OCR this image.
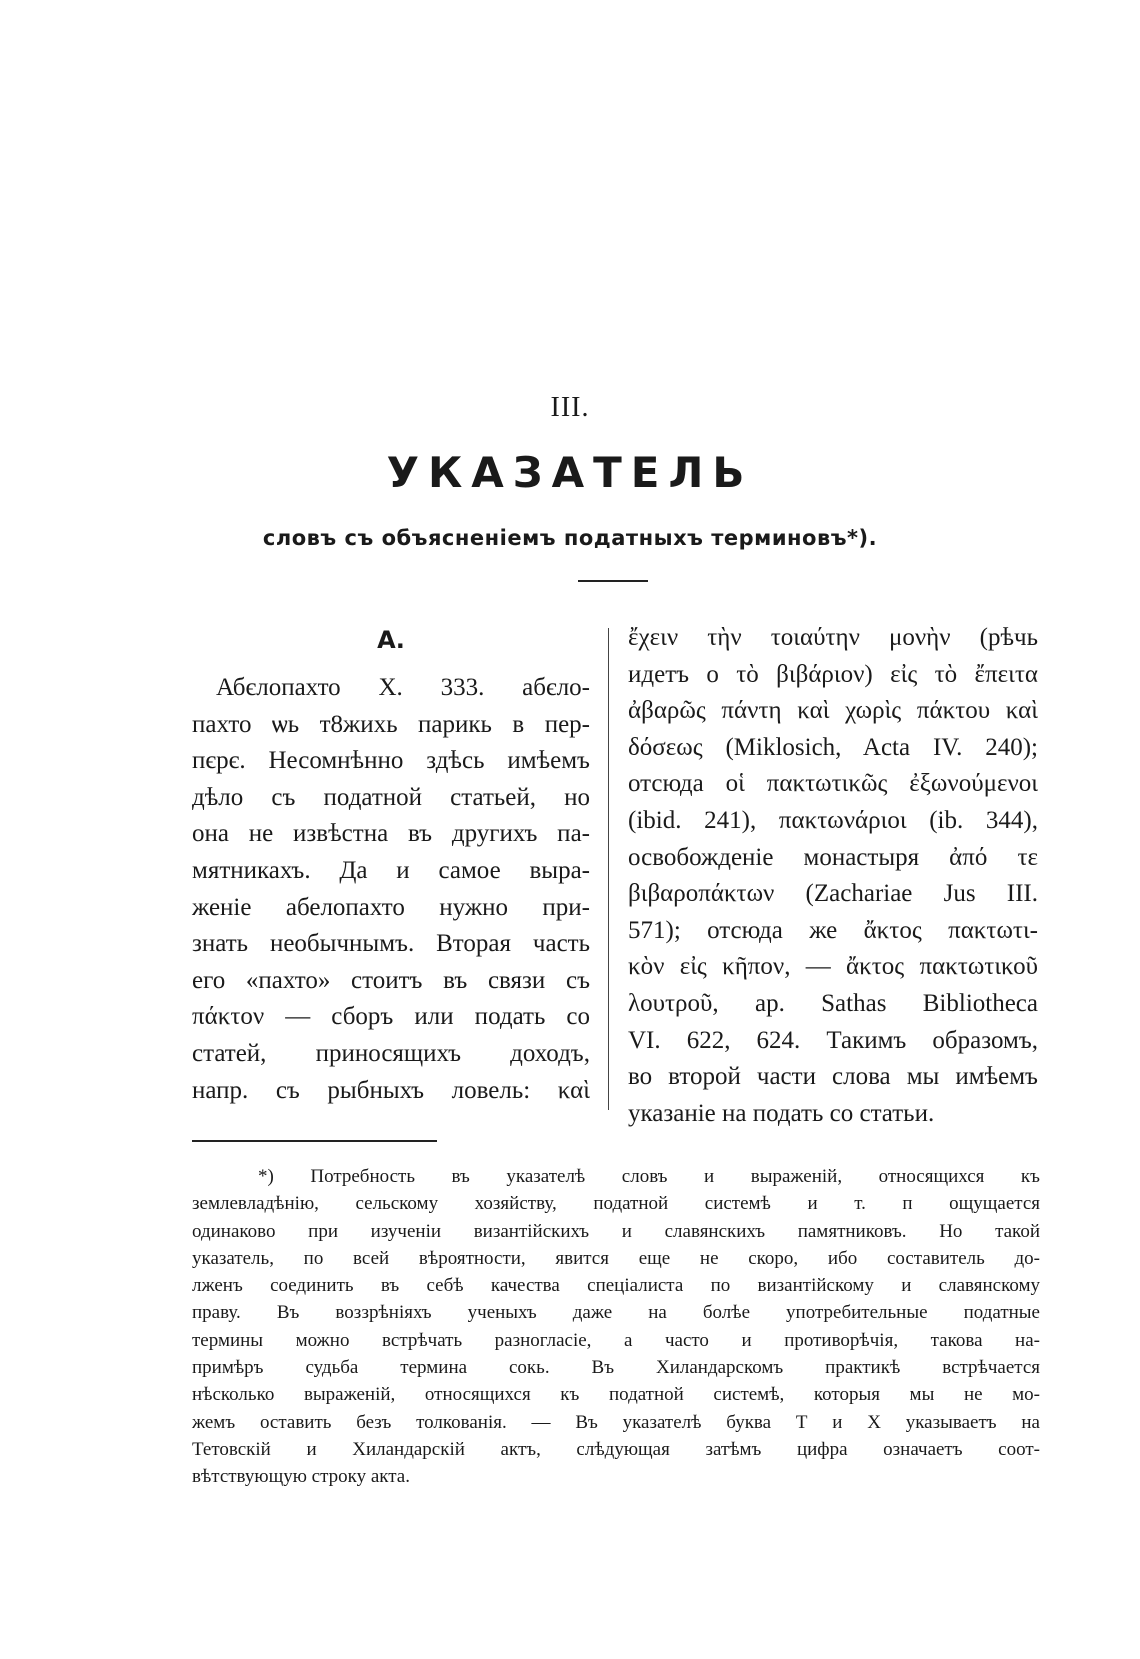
III.
УКАЗАТЕЛЬ
словъ съ объясненіемъ податныхъ терминовъ*).
А.
Абєлопахто Х. 333. абєло-
пахто ѡь т8жихь парикь в пер-
пєрє. Несомнѣнно здѣсь имѣемъ
дѣло съ податной статьей, но
она не извѣстна въ другихъ па-
мятникахъ. Да и самое выра-
женіе абелопахто нужно при-
знать необычнымъ. Вторая часть
его «пахто» стоитъ въ связи съ
πάκτον — сборъ или подать со
статей, приносящихъ доходъ,
напр. съ рыбныхъ ловель: καὶ
ἔχειν τὴν τοιαύτην μονὴν (рѣчь
идетъ о τὸ βιβάριον) εἰς τὸ ἔπειτα
ἀβαρῶς πάντη καὶ χωρὶς πάκτου καὶ
δόσεως (Miklosich, Acta IV. 240);
отсюда οἱ πακτωτικῶς ἐξωνούμενοι
(ibid. 241), πακτωνάριοι (ib. 344),
освобожденіе монастыря ἀπό τε
βιβαροπάκτων (Zachariae Jus III.
571); отсюда же ἄκτος πακτωτι-
κὸν εἰς κῆπον, — ἄκτος πακτωτικοῦ
λουτροῦ, ap. Sathas Bibliotheca
VI. 622, 624. Такимъ образомъ,
во второй части слова мы имѣемъ
указаніе на подать со статьи.
*) Потребность въ указателѣ словъ и выраженій, относящихся къ
землевладѣнію, сельскому хозяйству, податной системѣ и т. п ощущается
одинаково при изученіи византійскихъ и славянскихъ памятниковъ. Но такой
указатель, по всей вѣроятности, явится еще не скоро, ибо составитель до-
лженъ соединить въ себѣ качества спеціалиста по византійскому и славянскому
праву. Въ воззрѣніяхъ ученыхъ даже на болѣе употребительные податные
термины можно встрѣчать разногласіе, а часто и противорѣчія, такова на-
примѣръ судьба термина сокь. Въ Хиландарскомъ практикѣ встрѣчается
нѣсколько выраженій, относящихся къ податной системѣ, которыя мы не мо-
жемъ оставить безъ толкованія. — Въ указателѣ буква Т и Х указываетъ на
Тетовскій и Хиландарскій актъ, слѣдующая затѣмъ цифра означаетъ соот-
вѣтствующую строку акта.
